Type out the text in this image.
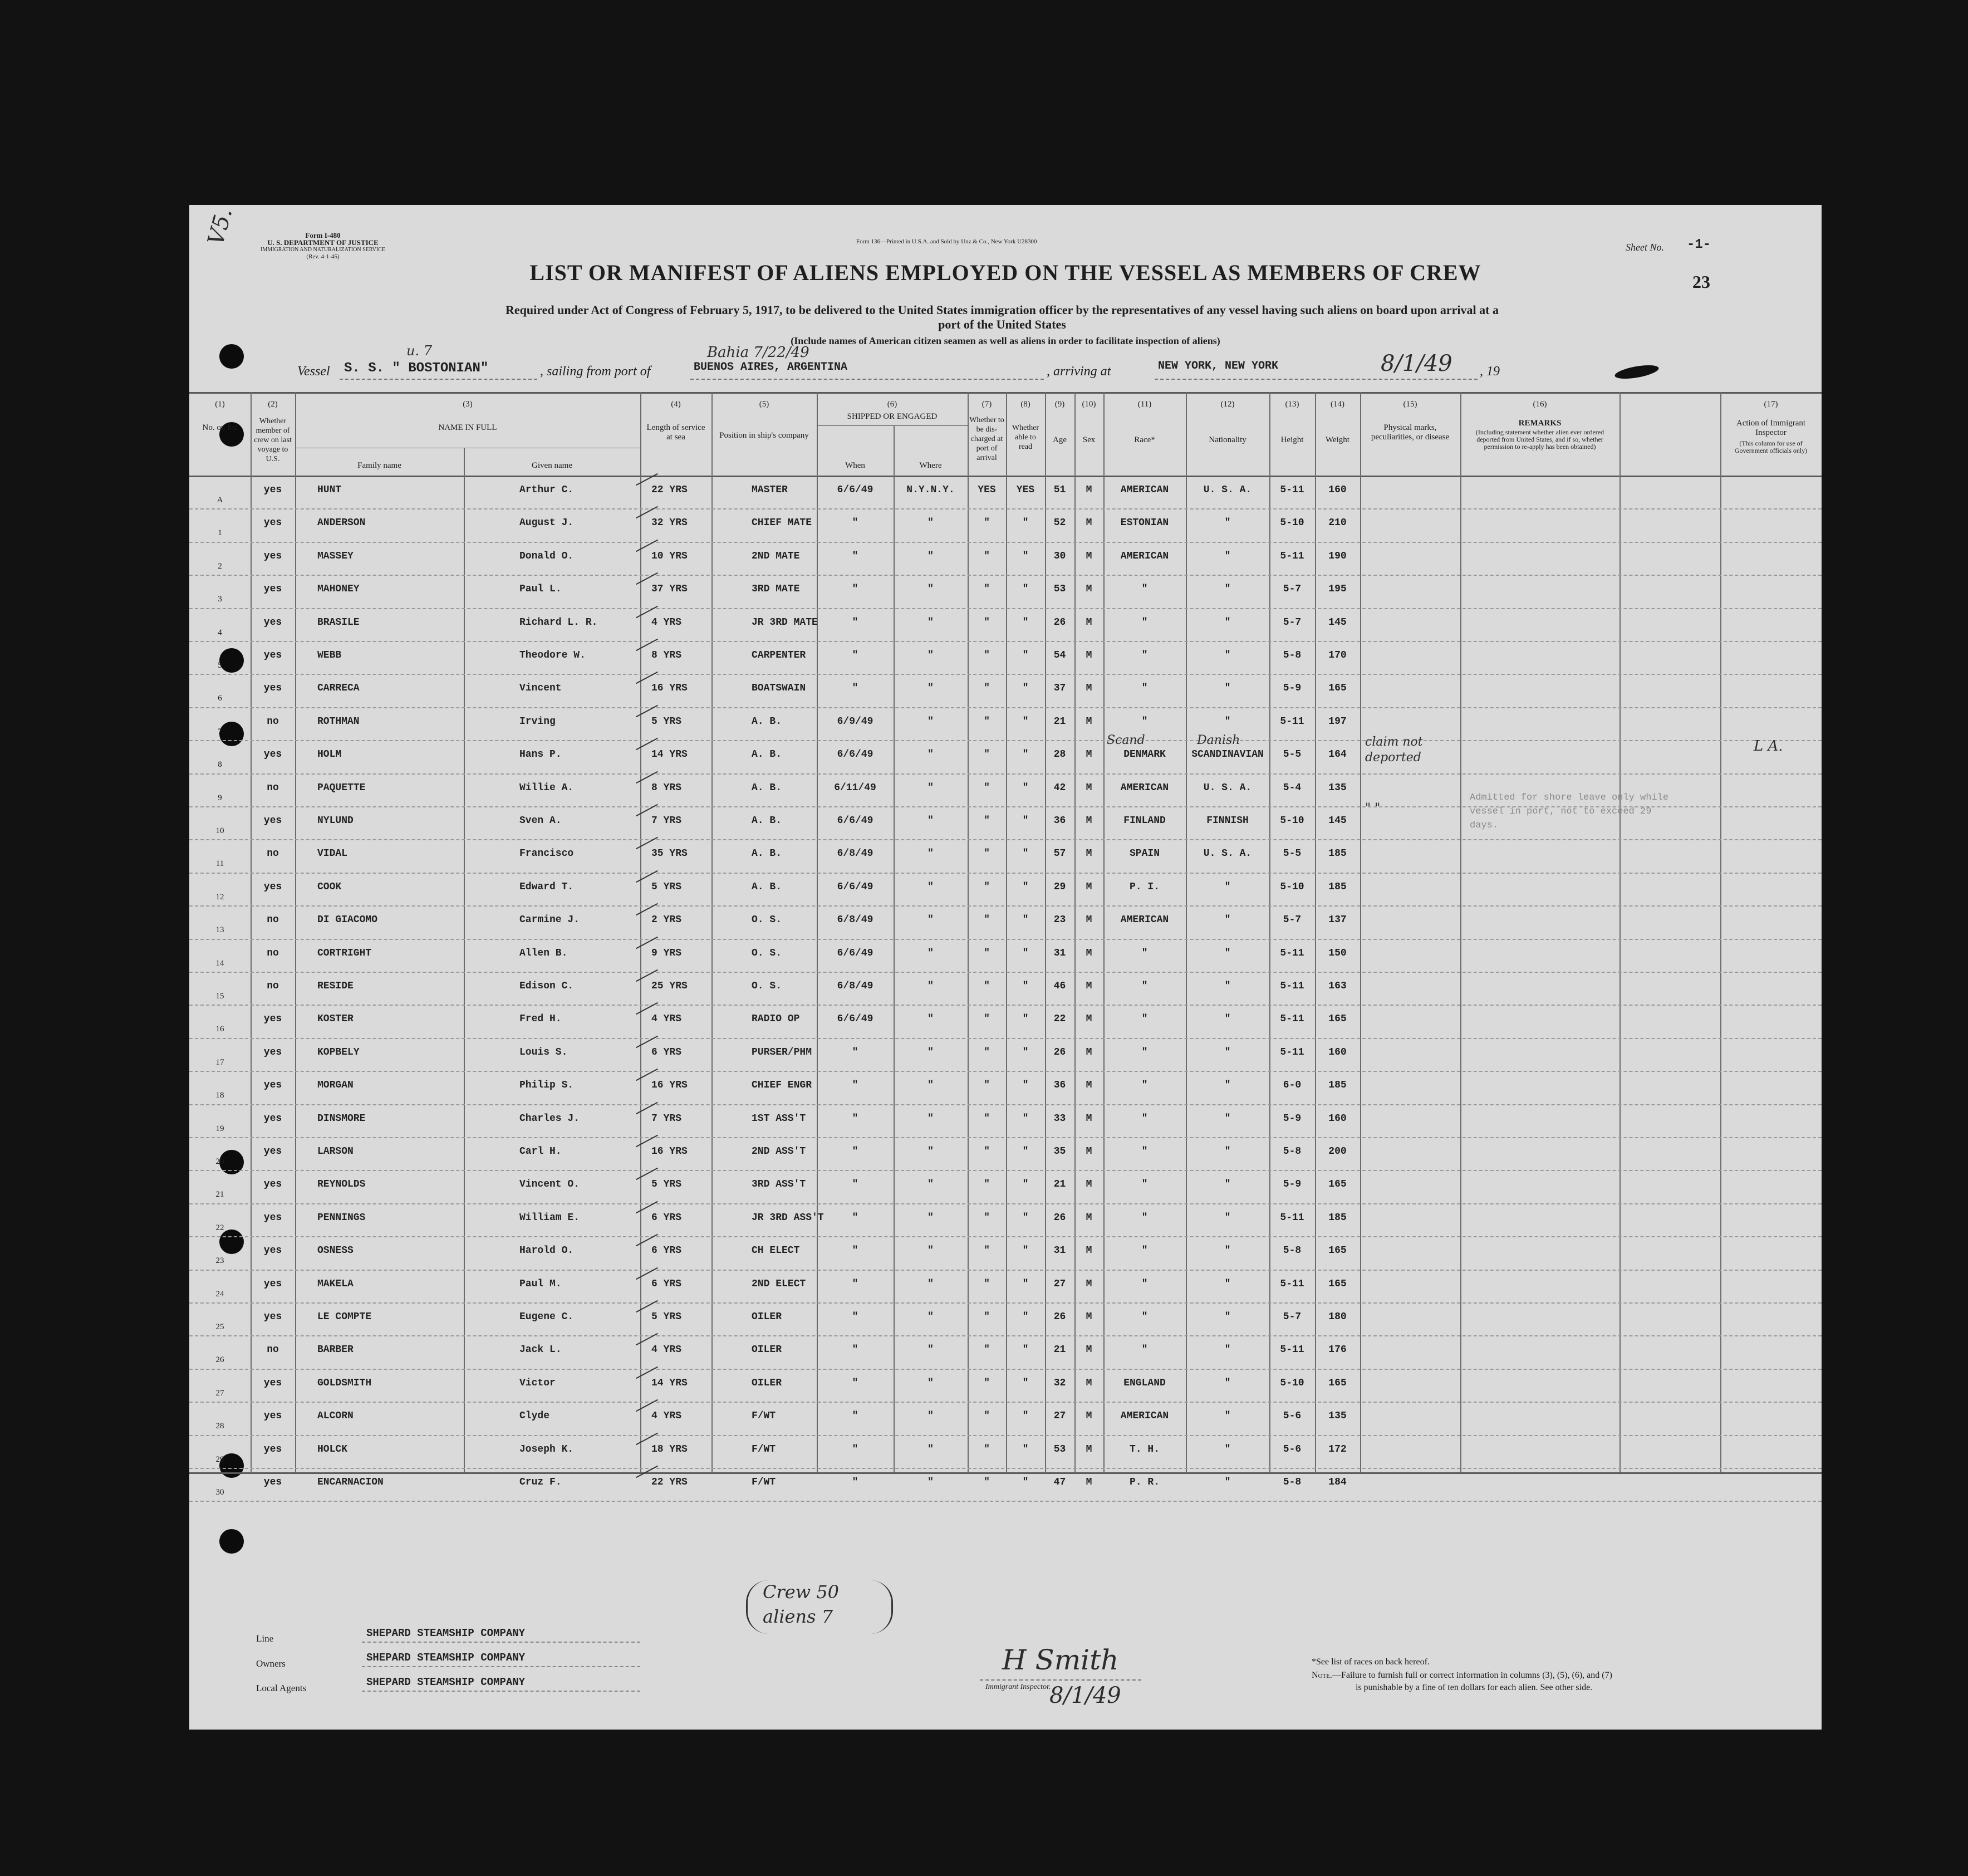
V5.	Form I-480
U. S. DEPARTMENT OF JUSTICE
IMMIGRATION AND NATURALIZATION SERVICE
(Rev. 4-1-45)
Form 136—Printed in U.S.A. and Sold by Unz & Co., New York U28300	Sheet No. -1-
23
LIST OR MANIFEST OF ALIENS EMPLOYED ON THE VESSEL AS MEMBERS OF CREW
Required under Act of Congress of February 5, 1917, to be delivered to the United States immigration officer by the representatives of any vessel having such aliens on board upon arrival at a
port of the United States
(Include names of American citizen seamen as well as aliens in order to facilitate inspection of aliens)
Vessel S. S. " BOSTONIAN"
u. 7
, sailing from port of
Bahia 7/22/49
BUENOS AIRES, ARGENTINA	, arriving at	NEW YORK, NEW YORK	8/1/49 , 19
(1)	(2)	(3)	(4)	(5)	(6)	(7)	(8)	(9)	(10)	(11)	(12)	(13)	(14)	(15)	(16)	(17)
No. on list
Whether member of crew on last voyage to U.S.
NAME IN FULL
Family name	Given name
Length of service at sea	Position in ship's company
SHIPPED OR ENGAGED
When	Where
Whether to be dis-charged at port of arrival
Whether able to read
Age	Sex	Race*	Nationality	Height	Weight
Physical marks, peculiarities, or disease
REMARKS
(Including statement whether alien ever ordered deported from United States, and if so, whether permission to re-apply has been obtained)
Action of Immigrant Inspector
(This column for use of Government officials only)
A
yes	HUNT	Arthur C.	22 YRS	MASTER	6/6/49	N.Y.N.Y.	YES	YES	51	M	AMERICAN	U. S. A.	5-11	160
1
yes	ANDERSON	August J.	32 YRS	CHIEF MATE	"	"	"	"	52	M	ESTONIAN	"	5-10	210
2
yes	MASSEY	Donald O.	10 YRS	2ND MATE	"	"	"	"	30	M	AMERICAN	"	5-11	190
3
yes	MAHONEY	Paul L.	37 YRS	3RD MATE	"	"	"	"	53	M	"	"	5-7	195
4
yes	BRASILE	Richard L. R.	4 YRS	JR 3RD MATE	"	"	"	"	26	M	"	"	5-7	145
5
yes	WEBB	Theodore W.	8 YRS	CARPENTER	"	"	"	"	54	M	"	"	5-8	170
6
yes	CARRECA	Vincent	16 YRS	BOATSWAIN	"	"	"	"	37	M	"	"	5-9	165
7
no	ROTHMAN	Irving	5 YRS	A. B.	6/9/49	"	"	"	21	M	"	"	5-11	197
8
yes	HOLM	Hans P.	14 YRS	A. B.	6/6/49	"	"	"	28	M	DENMARK	SCANDINAVIAN	5-5	164
Scand	Danish	claim not deported
L A.
9
no	PAQUETTE	Willie A.	8 YRS	A. B.	6/11/49	"	"	"	42	M	AMERICAN	U. S. A.	5-4	135
10
yes	NYLUND	Sven A.	7 YRS	A. B.	6/6/49	"	"	"	36	M	FINLAND	FINNISH	5-10	145
" "
Admitted for shore leave only while vessel in port, not to exceed 29 days.
11
no	VIDAL	Francisco	35 YRS	A. B.	6/8/49	"	"	"	57	M	SPAIN	U. S. A.	5-5	185
12
yes	COOK	Edward T.	5 YRS	A. B.	6/6/49	"	"	"	29	M	P. I.	"	5-10	185
13
no	DI GIACOMO	Carmine J.	2 YRS	O. S.	6/8/49	"	"	"	23	M	AMERICAN	"	5-7	137
14
no	CORTRIGHT	Allen B.	9 YRS	O. S.	6/6/49	"	"	"	31	M	"	"	5-11	150
15
no	RESIDE	Edison C.	25 YRS	O. S.	6/8/49	"	"	"	46	M	"	"	5-11	163
16
yes	KOSTER	Fred H.	4 YRS	RADIO OP	6/6/49	"	"	"	22	M	"	"	5-11	165
17
yes	KOPBELY	Louis S.	6 YRS	PURSER/PHM	"	"	"	"	26	M	"	"	5-11	160
18
yes	MORGAN	Philip S.	16 YRS	CHIEF ENGR	"	"	"	"	36	M	"	"	6-0	185
19
yes	DINSMORE	Charles J.	7 YRS	1ST ASS'T	"	"	"	"	33	M	"	"	5-9	160
20
yes	LARSON	Carl H.	16 YRS	2ND ASS'T	"	"	"	"	35	M	"	"	5-8	200
21
yes	REYNOLDS	Vincent O.	5 YRS	3RD ASS'T	"	"	"	"	21	M	"	"	5-9	165
22
yes	PENNINGS	William E.	6 YRS	JR 3RD ASS'T	"	"	"	"	26	M	"	"	5-11	185
23
yes	OSNESS	Harold O.	6 YRS	CH ELECT	"	"	"	"	31	M	"	"	5-8	165
24
yes	MAKELA	Paul M.	6 YRS	2ND ELECT	"	"	"	"	27	M	"	"	5-11	165
25
yes	LE COMPTE	Eugene C.	5 YRS	OILER	"	"	"	"	26	M	"	"	5-7	180
26
no	BARBER	Jack L.	4 YRS	OILER	"	"	"	"	21	M	"	"	5-11	176
27
yes	GOLDSMITH	Victor	14 YRS	OILER	"	"	"	"	32	M	ENGLAND	"	5-10	165
28
yes	ALCORN	Clyde	4 YRS	F/WT	"	"	"	"	27	M	AMERICAN	"	5-6	135
29
yes	HOLCK	Joseph K.	18 YRS	F/WT	"	"	"	"	53	M	T. H.	"	5-6	172
30
yes	ENCARNACION	Cruz F.	22 YRS	F/WT	"	"	"	"	47	M	P. R.	"	5-8	184
Crew 50
aliens 7
Line	SHEPARD STEAMSHIP COMPANY
Owners	SHEPARD STEAMSHIP COMPANY
Local Agents	SHEPARD STEAMSHIP COMPANY
H Smith
Immigrant Inspector.
8/1/49
*See list of races on back hereof.
Note.—Failure to furnish full or correct information in columns (3), (5), (6), and (7)
is punishable by a fine of ten dollars for each alien. See other side.
